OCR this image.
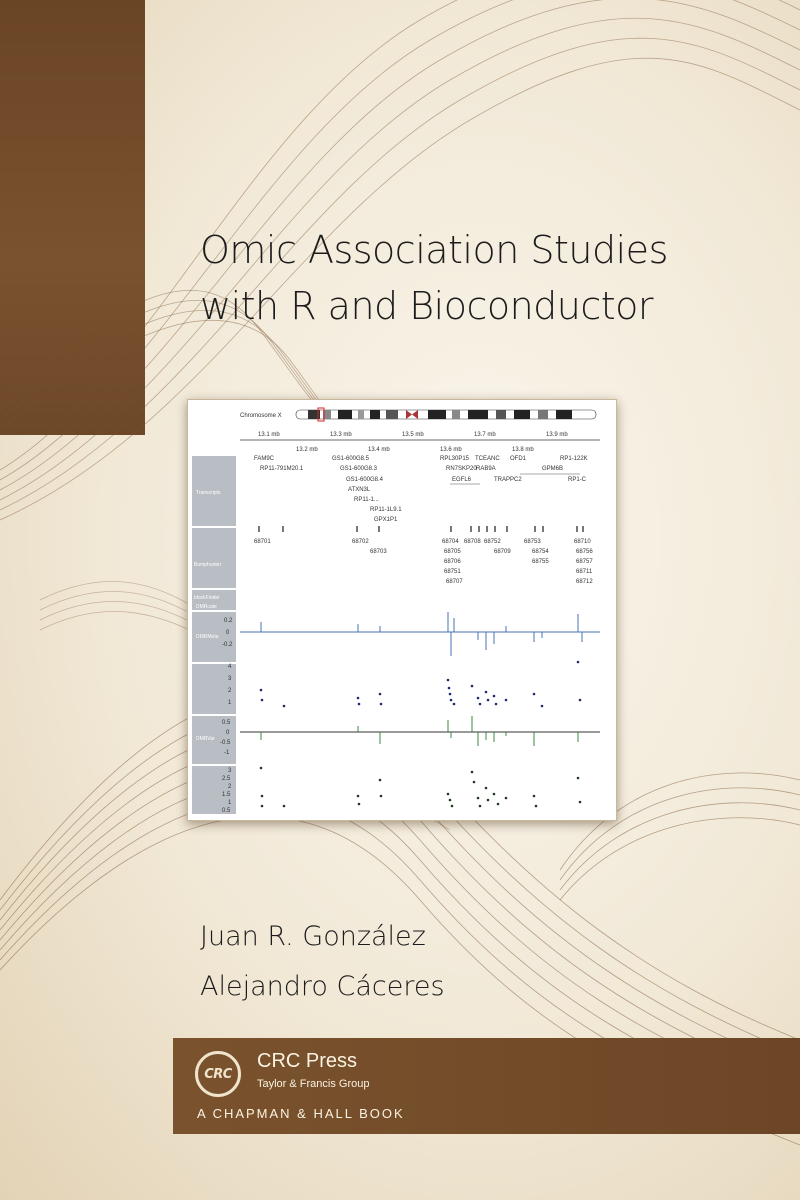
Omic Association Studies
with R and Bioconductor
Chromosome X
13.1 mb	13.3 mb	13.5 mb	13.7 mb	13.9 mb
13.2 mb	13.4 mb	13.6 mb	13.8 mb
Transcripts
Bumphunter
blockFinder
DMRcate
DMRMeta
DMRVar
FAM9C
RP11-791M20.1
GS1-600G8.5
GS1-600G8.3
GS1-600G8.4
ATXN3L
RP11-1...
RP11-1L9.1
GPX1P1
RPL30P15
RN7SKP20
EGFL6
TCEANC
RAB9A
TRAPPC2
OFD1
GPM6B
RP1-122K
RP1-C
68701	68702
68703
68704
68705
68706
68708 68752
68709
68753
68754
68755
68710
68756
68757
68711
68712
68751
68707
0.2
0
-0.2
4
3
2
1
0.5
0
-0.5
-1
3
2.5
2
1.5
1
0.5
Juan R. González
Alejandro Cáceres
CRC
CRC Press
Taylor & Francis Group
A CHAPMAN & HALL BOOK
